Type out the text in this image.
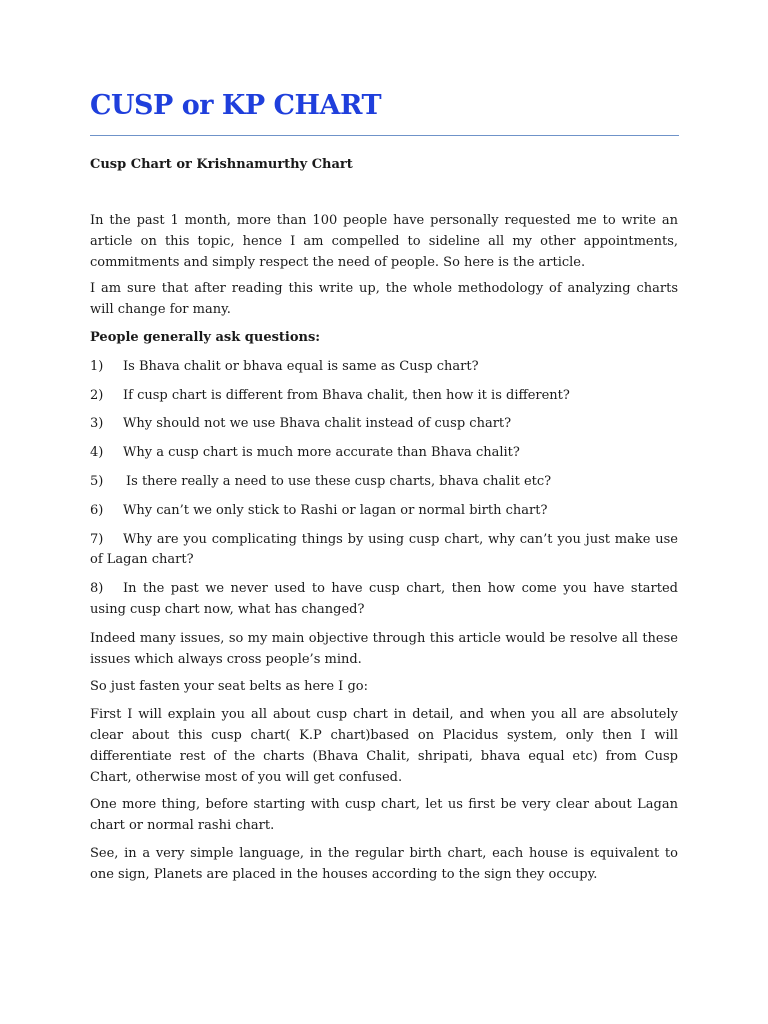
CUSP or KP CHART
Cusp Chart or Krishnamurthy Chart

In the past 1 month, more than 100 people have personally requested me to write an article on this topic, hence I am compelled to sideline all my other appointments, commitments and simply respect the need of people. So here is the article.

I am sure that after reading this write up, the whole methodology of analyzing charts will change for many.

People generally ask questions:

1) Is Bhava chalit or bhava equal is same as Cusp chart?

2) If cusp chart is different from Bhava chalit, then how it is different?

3) Why should not we use Bhava chalit instead of cusp chart?

4) Why a cusp chart is much more accurate than Bhava chalit?

5) Is there really a need to use these cusp charts, bhava chalit etc?

6) Why can’t we only stick to Rashi or lagan or normal birth chart?

7) Why are you complicating things by using cusp chart, why can’t you just make use of Lagan chart?

8) In the past we never used to have cusp chart, then how come you have started using cusp chart now, what has changed?

Indeed many issues, so my main objective through this article would be resolve all these issues which always cross people’s mind.

So just fasten your seat belts as here I go:

First I will explain you all about cusp chart in detail, and when you all are absolutely clear about this cusp chart( K.P chart)based on Placidus system, only then I will differentiate rest of the charts (Bhava Chalit, shripati, bhava equal etc) from Cusp Chart, otherwise most of you will get confused.

One more thing, before starting with cusp chart, let us first be very clear about Lagan chart or normal rashi chart.

See, in a very simple language, in the regular birth chart, each house is equivalent to one sign, Planets are placed in the houses according to the sign they occupy.
